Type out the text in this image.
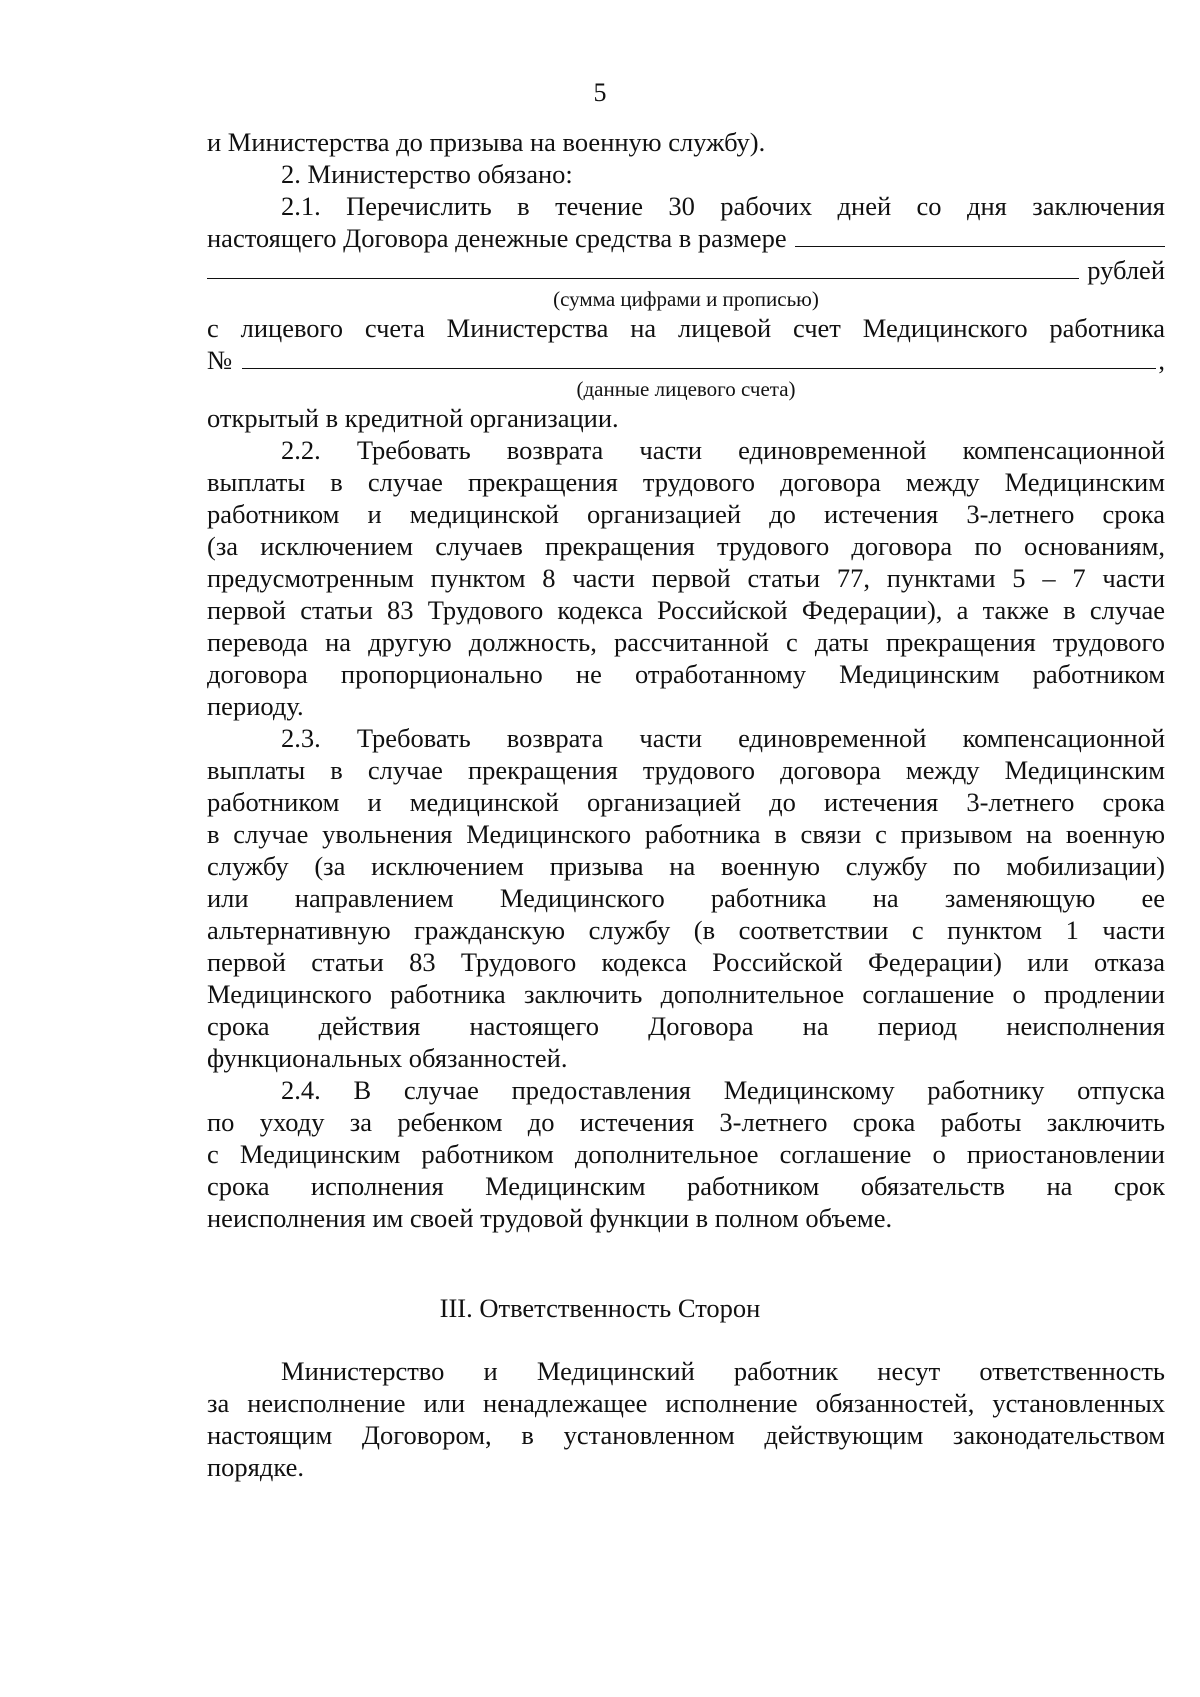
5
и Министерства до призыва на военную службу).
2. Министерство обязано:
2.1. Перечислить в течение 30 рабочих дней со дня заключения
настоящего Договора денежные средства в размере
рублей
(сумма цифрами и прописью)
с лицевого счета Министерства на лицевой счет Медицинского работника
№	,
(данные лицевого счета)
открытый в кредитной организации.
2.2. Требовать возврата части единовременной компенсационной
выплаты в случае прекращения трудового договора между Медицинским
работником и медицинской организацией до истечения 3-летнего срока
(за исключением случаев прекращения трудового договора по основаниям,
предусмотренным пунктом 8 части первой статьи 77, пунктами 5 – 7 части
первой статьи 83 Трудового кодекса Российской Федерации), а также в случае
перевода на другую должность, рассчитанной с даты прекращения трудового
договора пропорционально не отработанному Медицинским работником
периоду.
2.3. Требовать возврата части единовременной компенсационной
выплаты в случае прекращения трудового договора между Медицинским
работником и медицинской организацией до истечения 3-летнего срока
в случае увольнения Медицинского работника в связи с призывом на военную
службу (за исключением призыва на военную службу по мобилизации)
или направлением Медицинского работника на заменяющую ее
альтернативную гражданскую службу (в соответствии с пунктом 1 части
первой статьи 83 Трудового кодекса Российской Федерации) или отказа
Медицинского работника заключить дополнительное соглашение о продлении
срока действия настоящего Договора на период неисполнения
функциональных обязанностей.
2.4. В случае предоставления Медицинскому работнику отпуска
по уходу за ребенком до истечения 3-летнего срока работы заключить
с Медицинским работником дополнительное соглашение о приостановлении
срока исполнения Медицинским работником обязательств на срок
неисполнения им своей трудовой функции в полном объеме.
III. Ответственность Сторон
Министерство и Медицинский работник несут ответственность
за неисполнение или ненадлежащее исполнение обязанностей, установленных
настоящим Договором, в установленном действующим законодательством
порядке.
